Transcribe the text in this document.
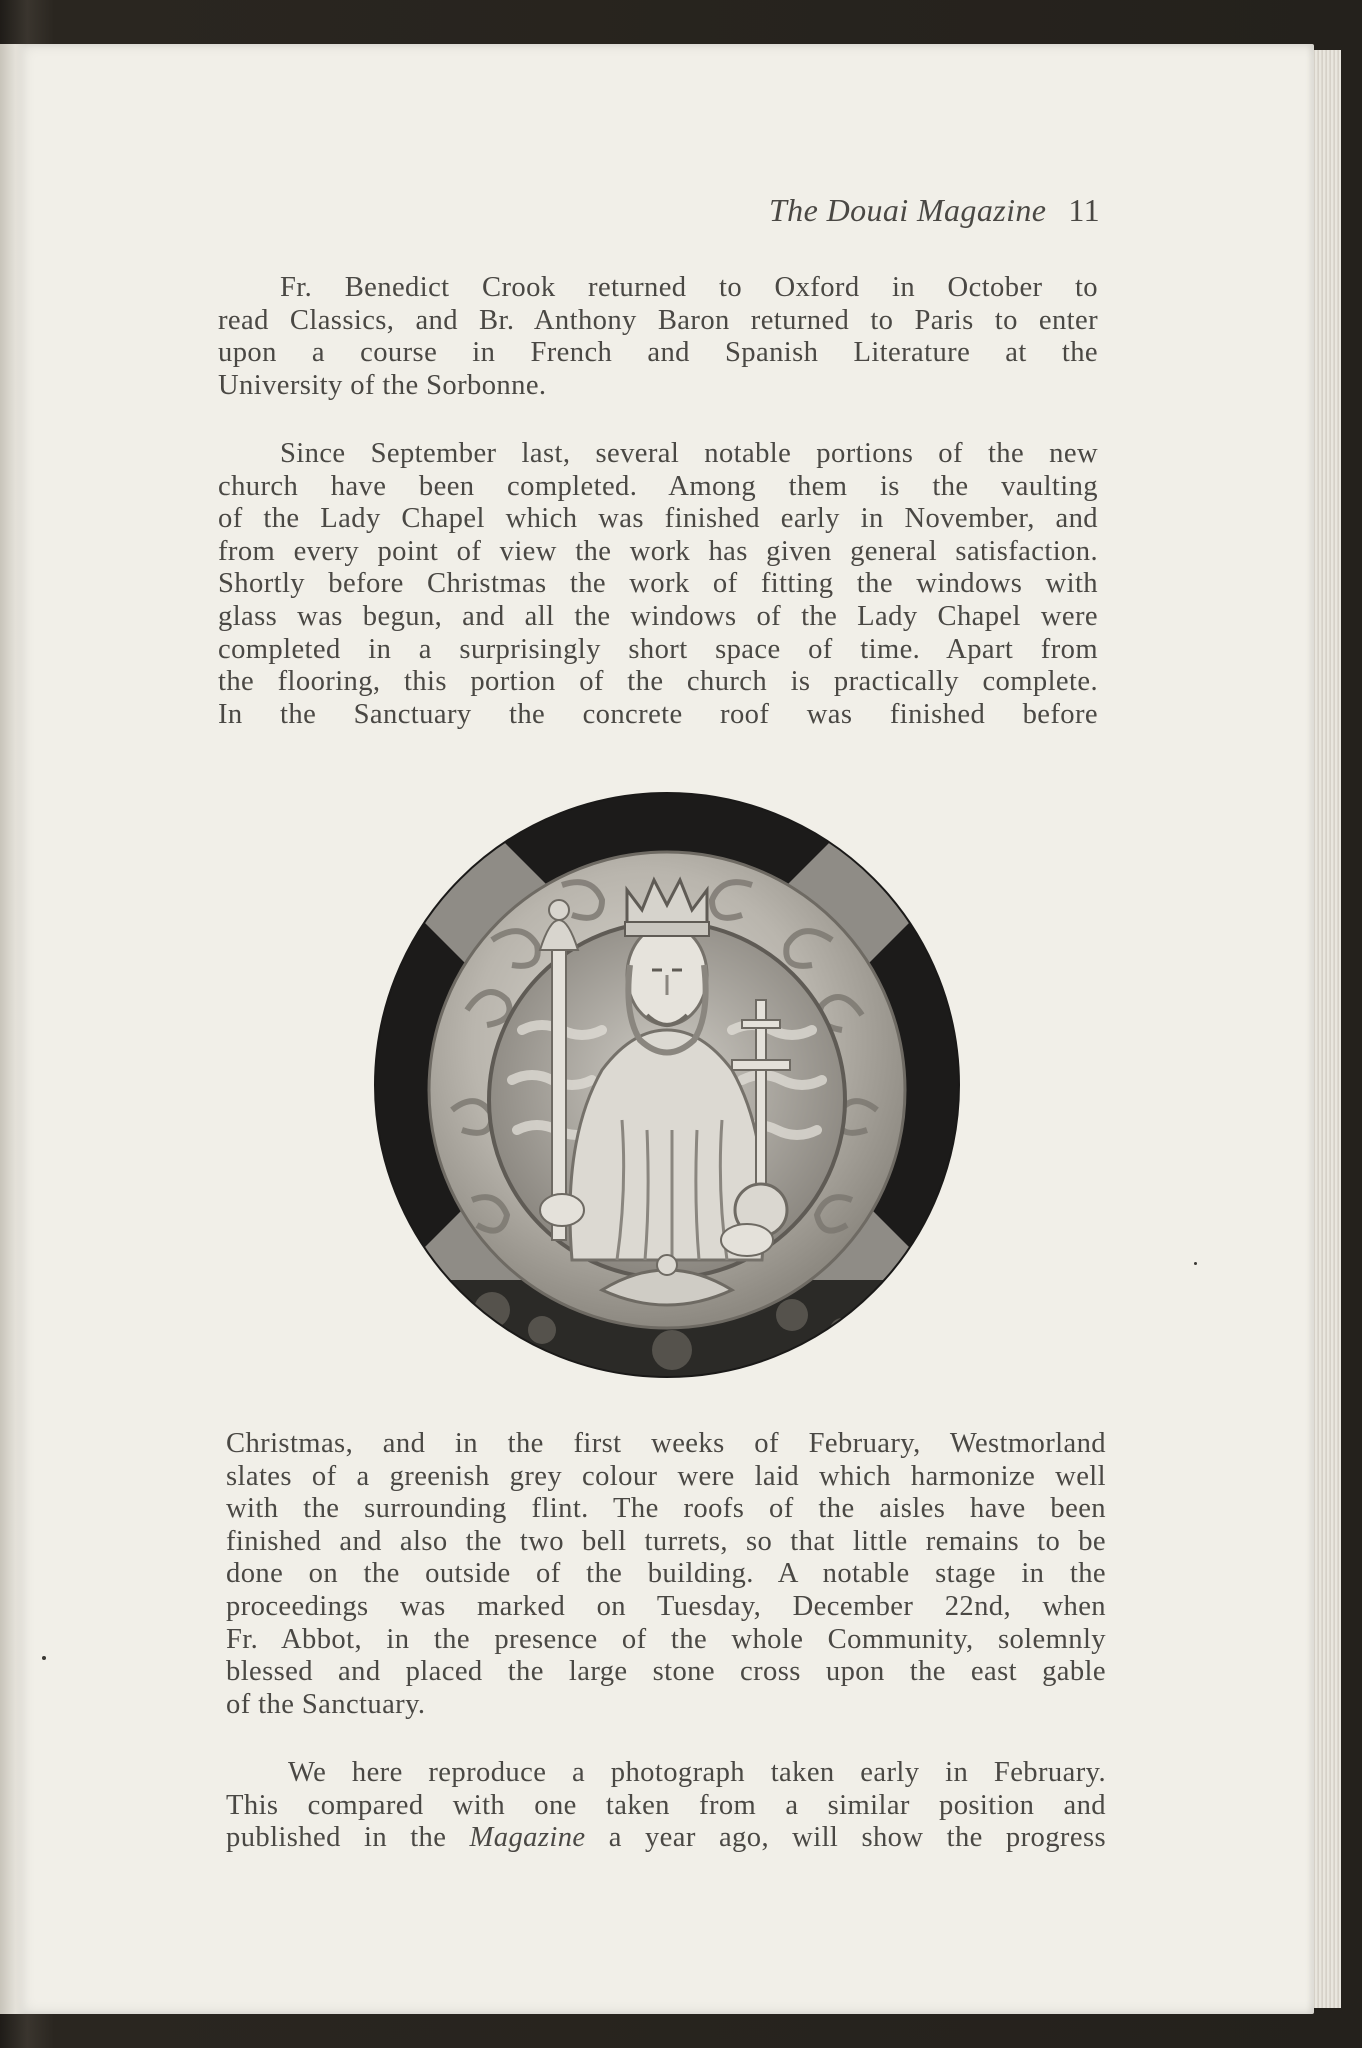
The Douai Magazine 11
Fr. Benedict Crook returned to Oxford in October to
read Classics, and Br. Anthony Baron returned to Paris to enter
upon a course in French and Spanish Literature at the
University of the Sorbonne.
Since September last, several notable portions of the new
church have been completed. Among them is the vaulting
of the Lady Chapel which was finished early in November, and
from every point of view the work has given general satisfaction.
Shortly before Christmas the work of fitting the windows with
glass was begun, and all the windows of the Lady Chapel were
completed in a surprisingly short space of time. Apart from
the flooring, this portion of the church is practically complete.
In the Sanctuary the concrete roof was finished before
Christmas, and in the first weeks of February, Westmorland
slates of a greenish grey colour were laid which harmonize well
with the surrounding flint. The roofs of the aisles have been
finished and also the two bell turrets, so that little remains to be
done on the outside of the building. A notable stage in the
proceedings was marked on Tuesday, December 22nd, when
Fr. Abbot, in the presence of the whole Community, solemnly
blessed and placed the large stone cross upon the east gable
of the Sanctuary.
We here reproduce a photograph taken early in February.
This compared with one taken from a similar position and
published in the Magazine a year ago, will show the progress
